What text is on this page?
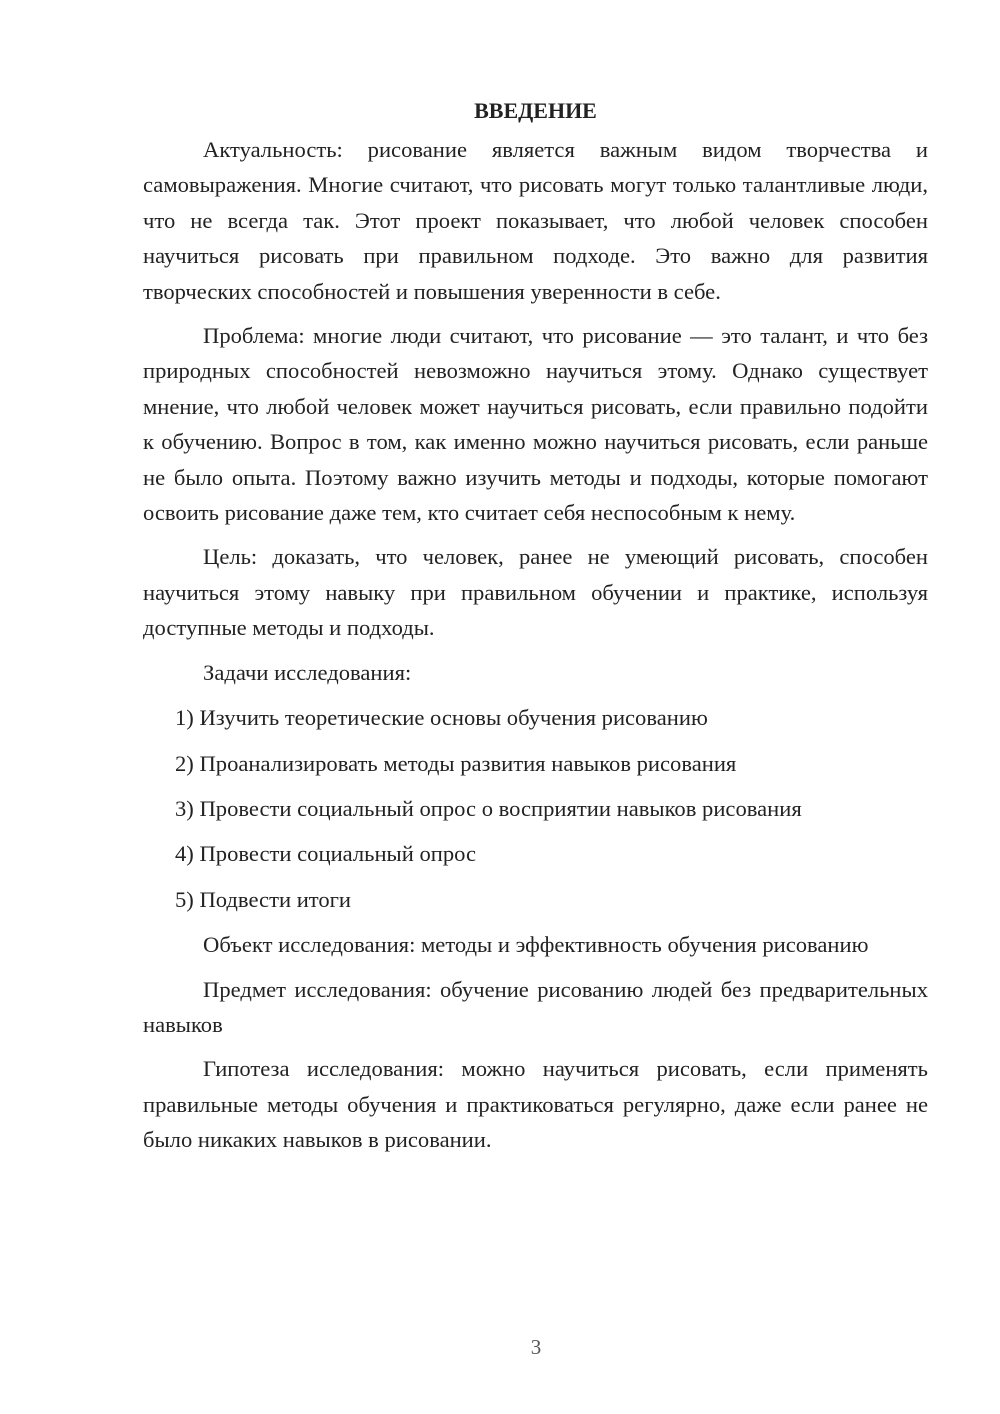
ВВЕДЕНИЕ

Актуальность: рисование является важным видом творчества и самовыражения. Многие считают, что рисовать могут только талантливые люди, что не всегда так. Этот проект показывает, что любой человек способен научиться рисовать при правильном подходе. Это важно для развития творческих способностей и повышения уверенности в себе.

Проблема: многие люди считают, что рисование — это талант, и что без природных способностей невозможно научиться этому. Однако существует мнение, что любой человек может научиться рисовать, если правильно подойти к обучению. Вопрос в том, как именно можно научиться рисовать, если раньше не было опыта. Поэтому важно изучить методы и подходы, которые помогают освоить рисование даже тем, кто считает себя неспособным к нему.

Цель: доказать, что человек, ранее не умеющий рисовать, способен научиться этому навыку при правильном обучении и практике, используя доступные методы и подходы.

Задачи исследования:

1) Изучить теоретические основы обучения рисованию
2) Проанализировать методы развития навыков рисования
3) Провести социальный опрос о восприятии навыков рисования
4) Провести социальный опрос
5) Подвести итоги

Объект исследования: методы и эффективность обучения рисованию

Предмет исследования: обучение рисованию людей без предварительных навыков

Гипотеза исследования: можно научиться рисовать, если применять правильные методы обучения и практиковаться регулярно, даже если ранее не было никаких навыков в рисовании.

3
